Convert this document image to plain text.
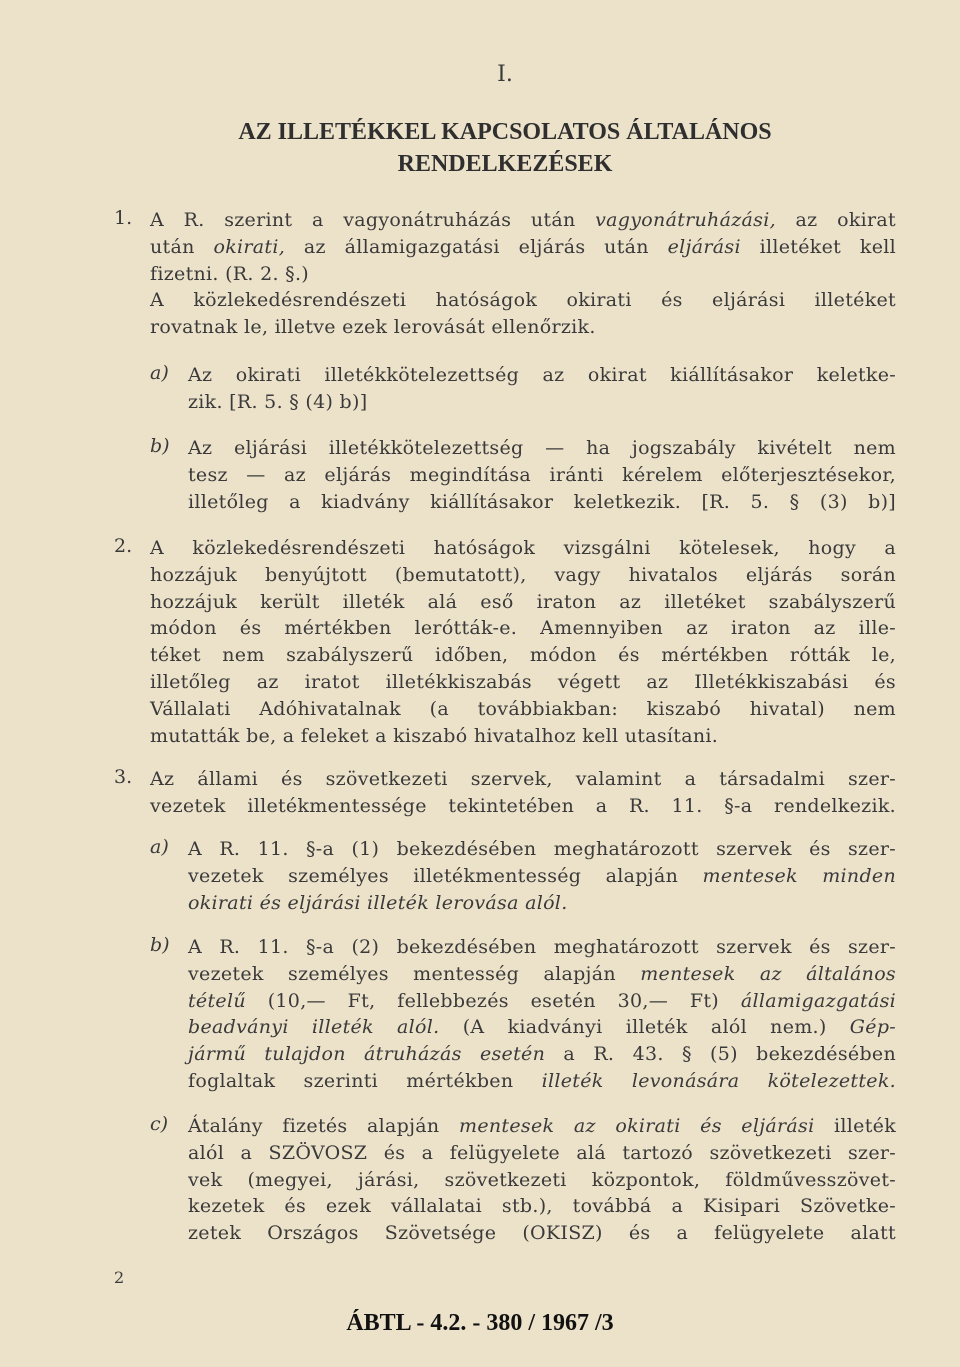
I.
AZ ILLETÉKKEL KAPCSOLATOS ÁLTALÁNOS
RENDELKEZÉSEK
1. A R. szerint a vagyonátruházás után vagyonátruházási, az okirat
után okirati, az államigazgatási eljárás után eljárási illetéket kell
fizetni. (R. 2. §.)
A közlekedésrendészeti hatóságok okirati és eljárási illetéket
rovatnak le, illetve ezek lerovását ellenőrzik.
a) Az okirati illetékkötelezettség az okirat kiállításakor keletke-
zik. [R. 5. § (4) b)]
b) Az eljárási illetékkötelezettség — ha jogszabály kivételt nem
tesz — az eljárás megindítása iránti kérelem előterjesztésekor,
illetőleg a kiadvány kiállításakor keletkezik. [R. 5. § (3) b)]
2. A közlekedésrendészeti hatóságok vizsgálni kötelesek, hogy a
hozzájuk benyújtott (bemutatott), vagy hivatalos eljárás során
hozzájuk került illeték alá eső iraton az illetéket szabályszerű
módon és mértékben lerótták-e. Amennyiben az iraton az ille-
téket nem szabályszerű időben, módon és mértékben rótták le,
illetőleg az iratot illetékkiszabás végett az Illetékkiszabási és
Vállalati Adóhivatalnak (a továbbiakban: kiszabó hivatal) nem
mutatták be, a feleket a kiszabó hivatalhoz kell utasítani.
3. Az állami és szövetkezeti szervek, valamint a társadalmi szer-
vezetek illetékmentessége tekintetében a R. 11. §-a rendelkezik.
a) A R. 11. §-a (1) bekezdésében meghatározott szervek és szer-
vezetek személyes illetékmentesség alapján mentesek minden
okirati és eljárási illeték lerovása alól.
b) A R. 11. §-a (2) bekezdésében meghatározott szervek és szer-
vezetek személyes mentesség alapján mentesek az általános
tételű (10,— Ft, fellebbezés esetén 30,— Ft) államigazgatási
beadványi illeték alól. (A kiadványi illeték alól nem.) Gép-
jármű tulajdon átruházás esetén a R. 43. § (5) bekezdésében
foglaltak szerinti mértékben illeték levonására kötelezettek.
c) Átalány fizetés alapján mentesek az okirati és eljárási illeték
alól a SZÖVOSZ és a felügyelete alá tartozó szövetkezeti szer-
vek (megyei, járási, szövetkezeti központok, földművesszövet-
kezetek és ezek vállalatai stb.), továbbá a Kisipari Szövetke-
zetek Országos Szövetsége (OKISZ) és a felügyelete alatt
2
ÁBTL - 4.2. - 380 / 1967 /3
